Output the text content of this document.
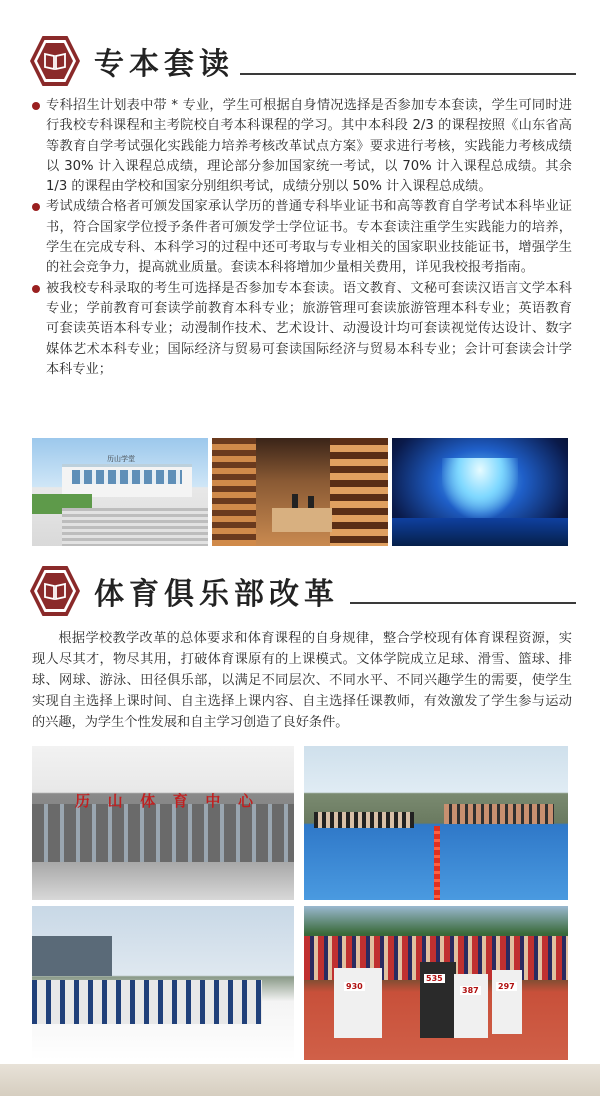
专本套读
专科招生计划表中带 * 专业，学生可根据自身情况选择是否参加专本套读，学生可同时进行我校专科课程和主考院校自考本科课程的学习。其中本科段 2/3 的课程按照《山东省高等教育自学考试强化实践能力培养考核改革试点方案》要求进行考核，实践能力考核成绩以 30% 计入课程总成绩，理论部分参加国家统一考试，以 70% 计入课程总成绩。其余 1/3 的课程由学校和国家分别组织考试，成绩分别以 50% 计入课程总成绩。
考试成绩合格者可颁发国家承认学历的普通专科毕业证书和高等教育自学考试本科毕业证书，符合国家学位授予条件者可颁发学士学位证书。专本套读注重学生实践能力的培养，学生在完成专科、本科学习的过程中还可考取与专业相关的国家职业技能证书，增强学生的社会竞争力，提高就业质量。套读本科将增加少量相关费用，详见我校报考指南。
被我校专科录取的考生可选择是否参加专本套读。语文教育、文秘可套读汉语言文学本科专业；学前教育可套读学前教育本科专业；旅游管理可套读旅游管理本科专业；英语教育可套读英语本科专业；动漫制作技术、艺术设计、动漫设计均可套读视觉传达设计、数字媒体艺术本科专业；国际经济与贸易可套读国际经济与贸易本科专业；会计可套读会计学本科专业；
历山学堂
体育俱乐部改革
根据学校教学改革的总体要求和体育课程的自身规律，整合学校现有体育课程资源，实现人尽其才，物尽其用，打破体育课原有的上课模式。文体学院成立足球、滑雪、篮球、排球、网球、游泳、田径俱乐部，以满足不同层次、不同水平、不同兴趣学生的需要，使学生实现自主选择上课时间、自主选择上课内容、自主选择任课教师，有效激发了学生参与运动的兴趣，为学生个性发展和自主学习创造了良好条件。
历 山 体 育 中 心
930
535
387 297
